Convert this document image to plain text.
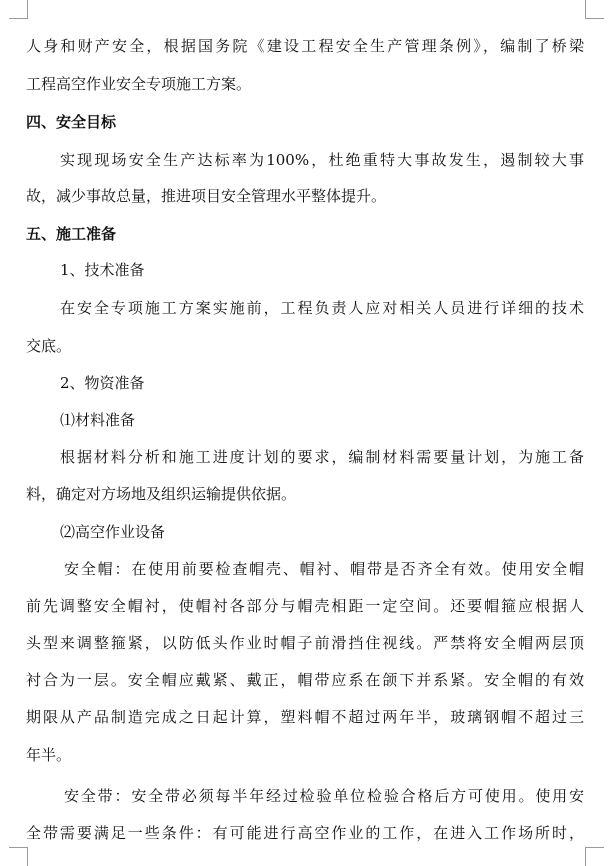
人身和财产安全，根据国务院《建设工程安全生产管理条例》，编制了桥梁
工程高空作业安全专项施工方案。
四、安全目标
实现现场安全生产达标率为100%，杜绝重特大事故发生，遏制较大事
故，减少事故总量，推进项目安全管理水平整体提升。
五、施工准备
1、技术准备
在安全专项施工方案实施前，工程负责人应对相关人员进行详细的技术
交底。
2、物资准备
⑴材料准备
根据材料分析和施工进度计划的要求，编制材料需要量计划，为施工备
料，确定对方场地及组织运输提供依据。
⑵高空作业设备
安全帽：在使用前要检查帽壳、帽衬、帽带是否齐全有效。使用安全帽
前先调整安全帽衬，使帽衬各部分与帽壳相距一定空间。还要帽箍应根据人
头型来调整箍紧，以防低头作业时帽子前滑挡住视线。严禁将安全帽两层顶
衬合为一层。安全帽应戴紧、戴正，帽带应系在颌下并系紧。安全帽的有效
期限从产品制造完成之日起计算，塑料帽不超过两年半，玻璃钢帽不超过三
年半。
安全带：安全带必须每半年经过检验单位检验合格后方可使用。使用安
全带需要满足一些条件：有可能进行高空作业的工作，在进入工作场所时，
